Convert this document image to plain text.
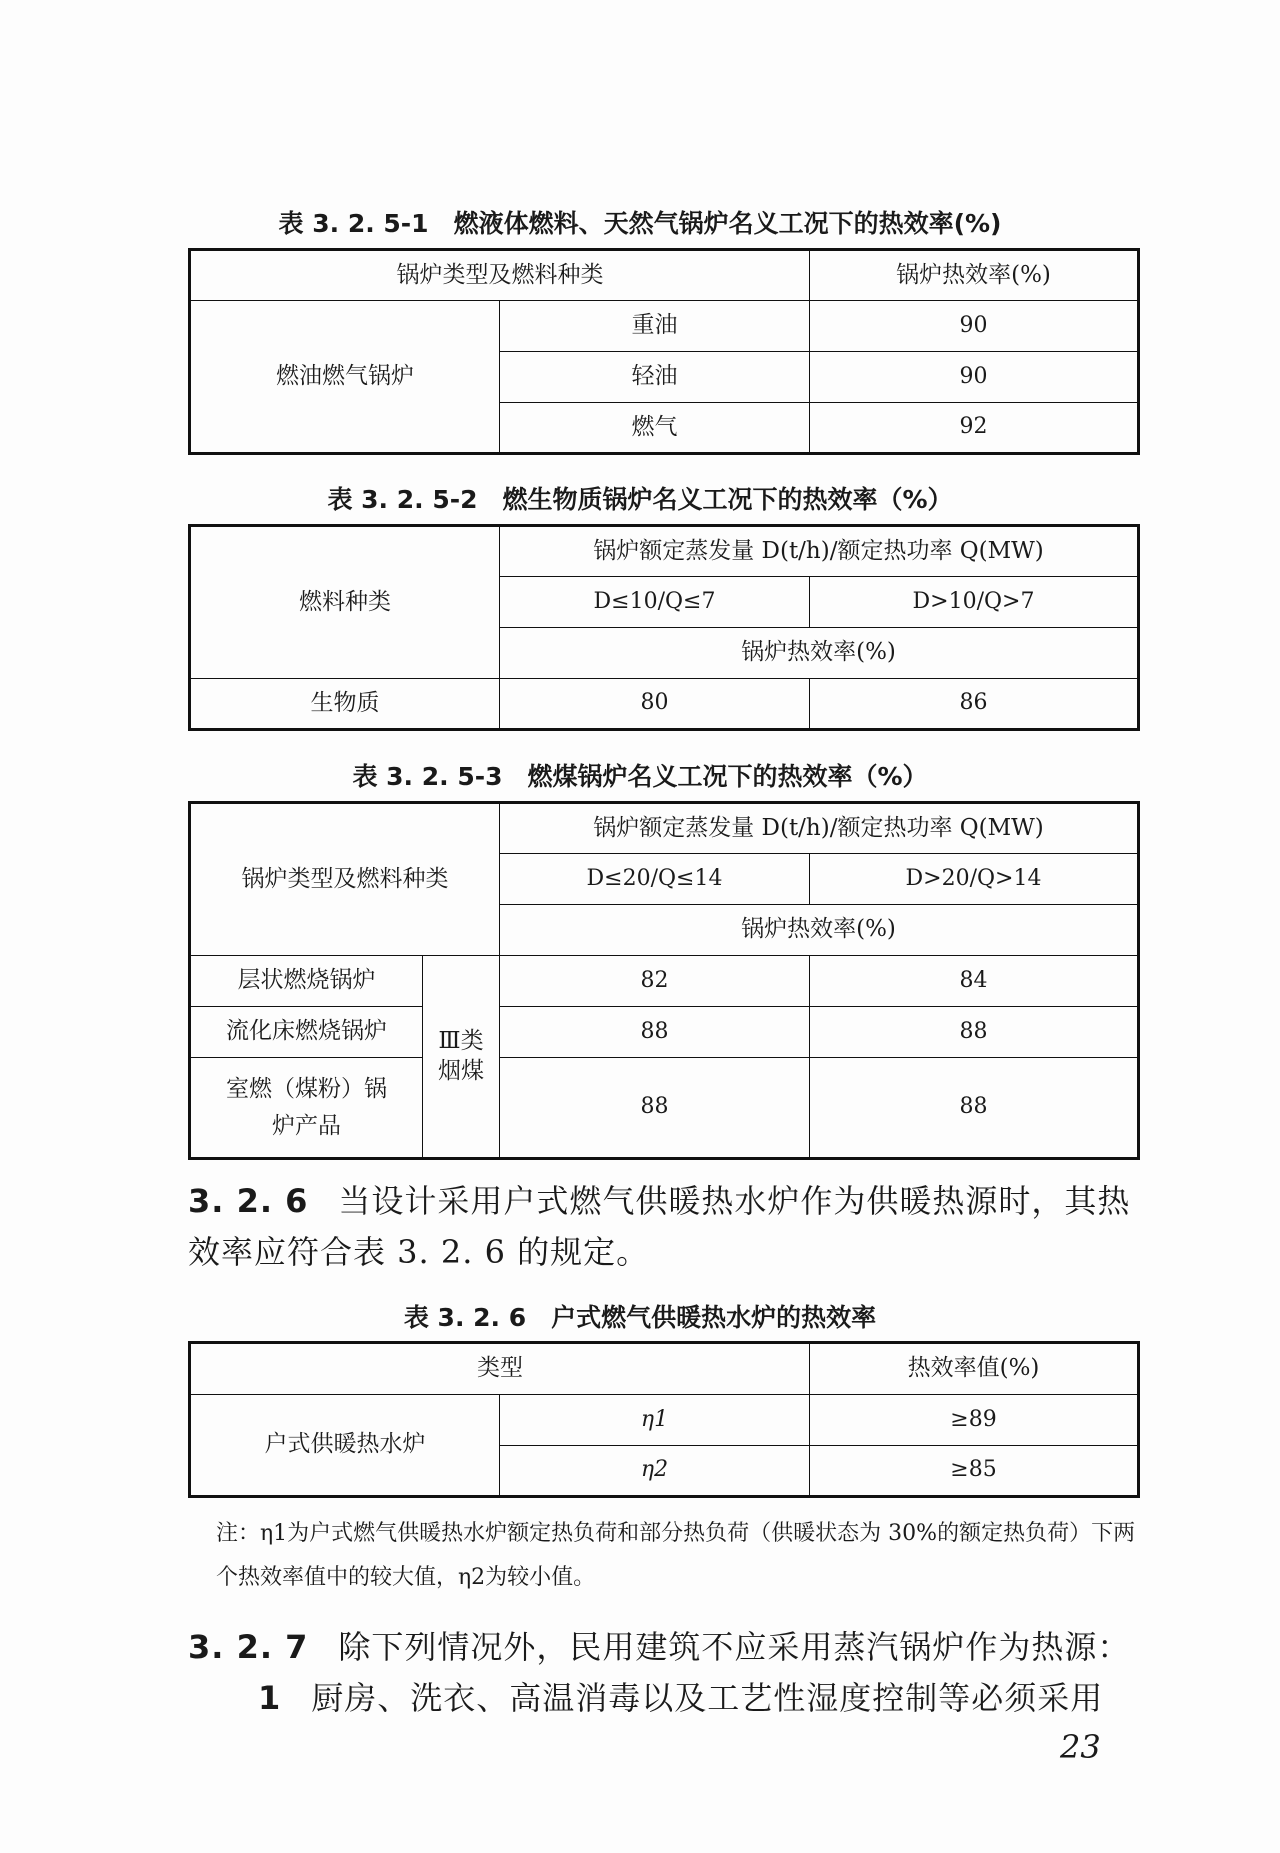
表 3. 2. 5-1　燃液体燃料、天然气锅炉名义工况下的热效率(%)
锅炉类型及燃料种类		锅炉热效率(%)
燃油燃气锅炉	重油	90
	轻油	90
	燃气	92
表 3. 2. 5-2　燃生物质锅炉名义工况下的热效率（%）
燃料种类	锅炉额定蒸发量 D(t/h)/额定热功率 Q(MW)	
	D≤10/Q≤7	D>10/Q>7
	锅炉热效率(%)	
生物质	80	86
表 3. 2. 5-3　燃煤锅炉名义工况下的热效率（%）
锅炉类型及燃料种类		锅炉额定蒸发量 D(t/h)/额定热功率 Q(MW)	
		D≤20/Q≤14	D>20/Q>14
		锅炉热效率(%)	
层状燃烧锅炉	Ⅲ类烟煤	82	84
流化床燃烧锅炉		88	88
室燃（煤粉）锅炉产品		88	88
3. 2. 6 当设计采用户式燃气供暖热水炉作为供暖热源时，其热效率应符合表 3. 2. 6 的规定。
表 3. 2. 6　户式燃气供暖热水炉的热效率
类型		热效率值(%)
户式供暖热水炉	η1	≥89
	η2	≥85
注：η1为户式燃气供暖热水炉额定热负荷和部分热负荷（供暖状态为 30%的额定热负荷）下两个热效率值中的较大值，η2为较小值。
3. 2. 7 除下列情况外，民用建筑不应采用蒸汽锅炉作为热源：
1 厨房、洗衣、高温消毒以及工艺性湿度控制等必须采用
23
